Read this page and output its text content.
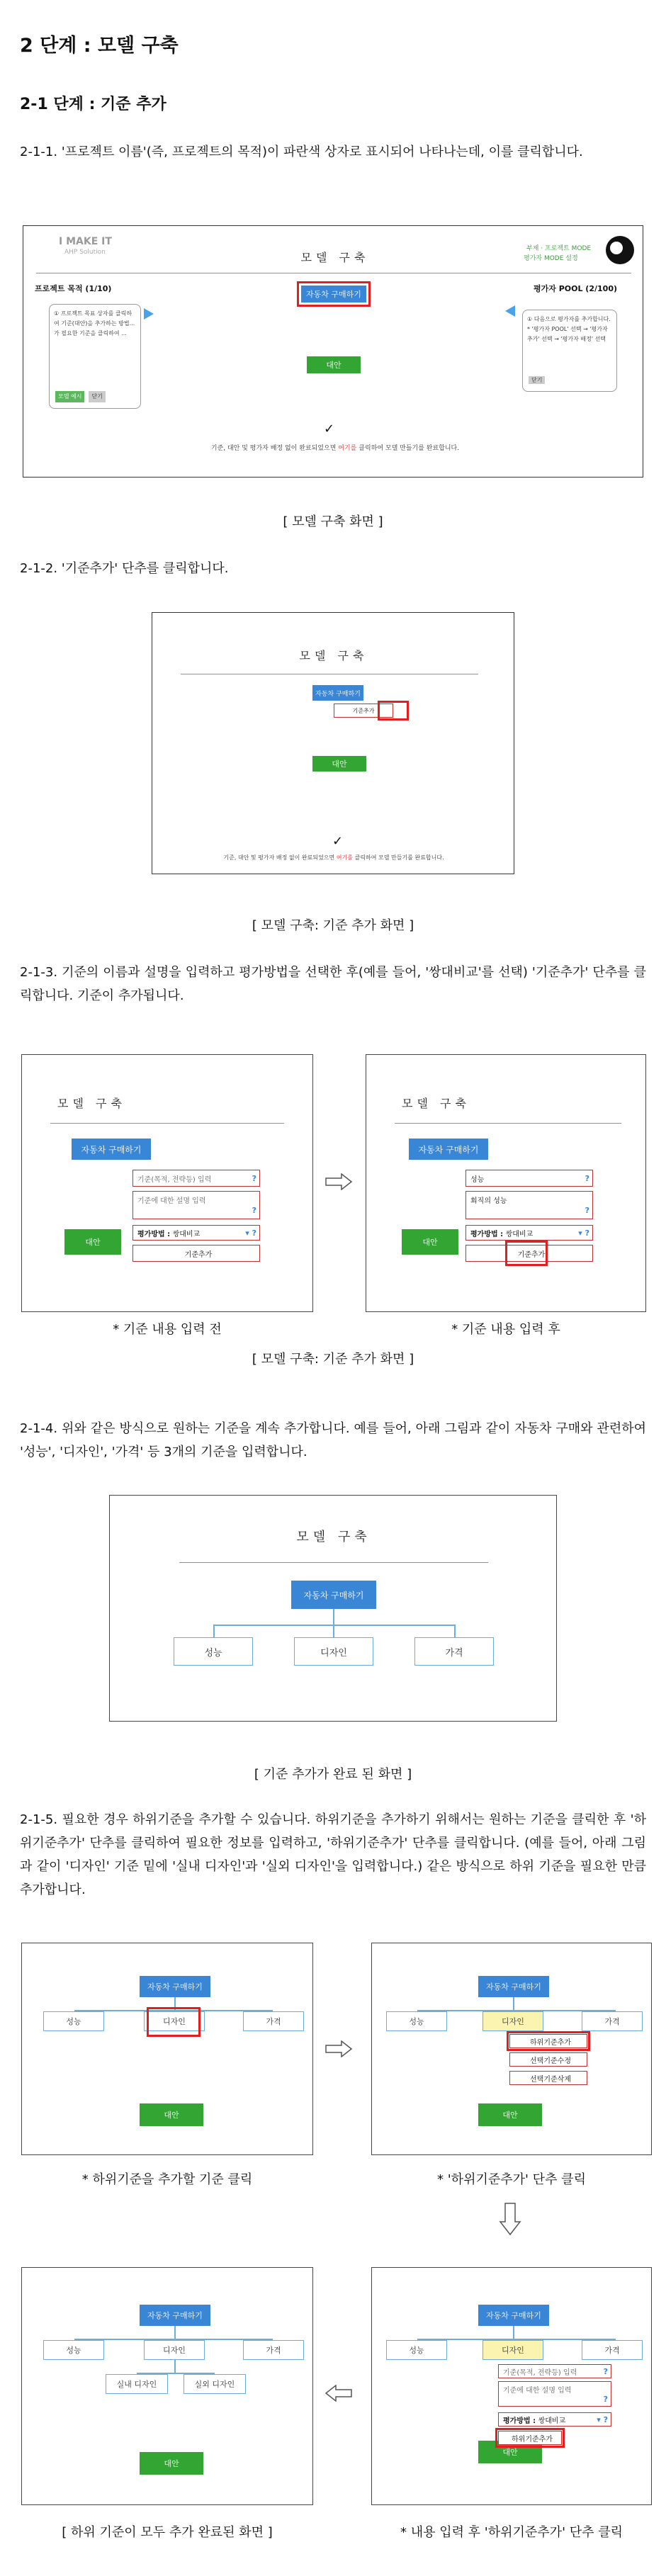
2 단계 : 모델 구축
2-1 단계 : 기준 추가
2-1-1. '프로젝트 이름'(즉, 프로젝트의 목적)이 파란색 상자로 표시되어 나타나는데, 이를 클릭합니다.
I MAKE IT
AHP Solution	모델 구축
부제 · 프로젝트 MODE
평가자 MODE 설정
프로젝트 목적 (1/10)	평가자 POOL (2/100)
자동차 구매하기
① 프로젝트 목표 상자를 클릭하여 기준(대안)을 추가하는 방법... 가 필요한 기준을 클릭하여 ...
모델 예시	닫기
① 다음으로 평가자를 추가합니다. * '평가자 POOL' 선택 → '평가자 추가' 선택 → '평가자 배정' 선택
닫기
대안
✓
기준, 대안 및 평가자 배정 없이 완료되었으면 여기를 클릭하여 모델 만들기를 완료합니다.
[ 모델 구축 화면 ]
2-1-2. '기준추가' 단추를 클릭합니다.
모델 구축
자동차 구매하기
기준추가
대안
✓
기준, 대안 및 평가자 배정 없이 완료되었으면 여기를 클릭하여 모델 만들기를 완료합니다.
[ 모델 구축: 기준 추가 화면 ]
2-1-3. 기준의 이름과 설명을 입력하고 평가방법을 선택한 후(예를 들어, '쌍대비교'를 선택) '기준추가' 단추를 클릭합니다. 기준이 추가됩니다.
모델 구축
자동차 구매하기
기준(목적, 전략등) 입력	?
기준에 대한 설명 입력
?
대안
평가방법 :
쌍대비교	▾ ?
기준추가
모델 구축
자동차 구매하기
성능	?
회직의 성능
?
대안
평가방법 :
쌍대비교	▾ ?
기준추가
* 기준 내용 입력 전	* 기준 내용 입력 후
[ 모델 구축: 기준 추가 화면 ]
2-1-4. 위와 같은 방식으로 원하는 기준을 계속 추가합니다. 예를 들어, 아래 그림과 같이 자동차 구매와 관련하여 '성능', '디자인', '가격' 등 3개의 기준을 입력합니다.
모델 구축
자동차 구매하기
성능	디자인	가격
[ 기준 추가가 완료 된 화면 ]
2-1-5. 필요한 경우 하위기준을 추가할 수 있습니다. 하위기준을 추가하기 위해서는 원하는 기준을 클릭한 후 '하위기준추가' 단추를 클릭하여 필요한 정보를 입력하고, '하위기준추가' 단추를 클릭합니다. (예를 들어, 아래 그림과 같이 '디자인' 기준 밑에 '실내 디자인'과 '실외 디자인'을 입력합니다.) 같은 방식으로 하위 기준을 필요한 만큼 추가합니다.
자동차 구매하기
성능	디자인	가격
대안
자동차 구매하기
성능	디자인	가격
하위기준추가
선택기준수정
선택기준삭제
대안
* 하위기준을 추가할 기준 클릭	* '하위기준추가' 단추 클릭
자동차 구매하기
성능	디자인	가격
실내 디자인	실외 디자인
대안
자동차 구매하기
성능	디자인	가격
기준(목적, 전략등) 입력	?
기준에 대한 설명 입력
?
대안
평가방법 :
쌍대비교	▾ ?
하위기준추가
[ 하위 기준이 모두 추가 완료된 화면 ]	* 내용 입력 후 '하위기준추가' 단추 클릭
